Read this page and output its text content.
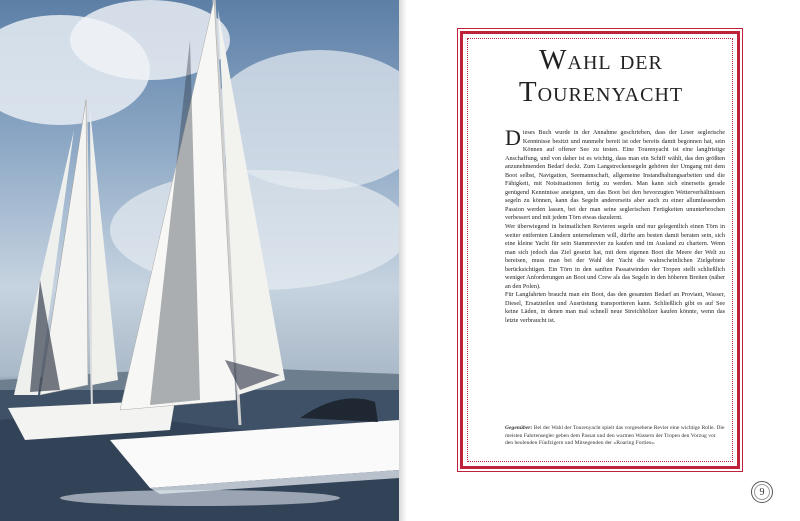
Wahl der
Tourenyacht

Dieses Buch wurde in der Annahme geschrieben, dass der Leser seglerische Kenntnisse besitzt und nunmehr bereit ist oder bereits damit begonnen hat, sein Können auf offener See zu testen. Eine Tourenyacht ist eine langfristige Anschaffung, und von daher ist es wichtig, dass man ein Schiff wählt, das den größten anzunehmenden Bedarf deckt. Zum Langstreckensegeln gehören der Umgang mit dem Boot selbst, Navigation, Seemannschaft, allgemeine Instandhaltungsarbeiten und die Fähigkeit, mit Notsituationen fertig zu werden. Man kann sich einerseits gerade genügend Kenntnisse aneignen, um das Boot bei den bevorzugten Wetterverhältnissen segeln zu können, kann das Segeln andererseits aber auch zu einer allumfassenden Passion werden lassen, bei der man seine seglerischen Fertigkeiten ununterbrochen verbessert und mit jedem Törn etwas dazulernt.

Wer überwiegend in heimatlichen Revieren segeln und nur gelegentlich einen Törn in weiter entfernten Ländern unternehmen will, dürfte am besten damit beraten sein, sich eine kleine Yacht für sein Stammrevier zu kaufen und im Ausland zu chartern. Wenn man sich jedoch das Ziel gesetzt hat, mit dem eigenen Boot die Meere der Welt zu bereisen, muss man bei der Wahl der Yacht die wahrscheinlichen Zielgebiete berücksichtigen. Ein Törn in den sanften Passatwinden der Tropen stellt schließlich weniger Anforderungen an Boot und Crew als das Segeln in den höheren Breiten (näher an den Polen).

Für Langfahrten braucht man ein Boot, das den gesamten Bedarf an Proviant, Wasser, Diesel, Ersatzteilen und Ausrüstung transportieren kann. Schließlich gibt es auf See keine Läden, in denen man mal schnell neue Streichhölzer kaufen könnte, wenn das letzte verbraucht ist.

Gegenüber: Bei der Wahl der Tourenyacht spielt das vorgesehene Revier eine wichtige Rolle. Die meisten Fahrtensegler geben dem Passat und den warmen Wassern der Tropen den Vorzug vor den heulenden Fünfzigern und Mitsegenden der »Roaring Forties«.
9
